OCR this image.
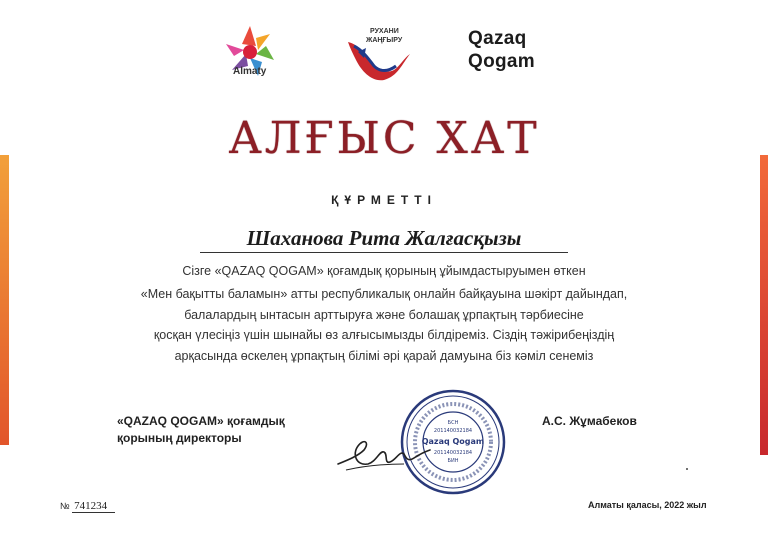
Almaty
РУХАНИ
ЖАҢҒЫРУ	Qazaq
Qogam
АЛҒЫС ХАТ
ҚҰРМЕТТІ
Шаханова Рита Жалғасқызы
Сізге «QAZAQ QOGAM» қоғамдық қорының ұйымдастыруымен өткен
«Мен бақытты баламын» атты республикалық онлайн байқауына шәкірт дайындап,
балалардың ынтасын арттыруға және болашақ ұрпақтың тәрбиесіне
қосқан үлесіңіз үшін шынайы өз алғысымызды білдіреміз. Сіздің тәжірибеңіздің
арқасында өскелең ұрпақтың білімі әрі қарай дамуына біз кәміл сенеміз
«QAZAQ QOGAM» қоғамдық
қорының директоры
А.С. Жұмабеков
БСН
201140032184
Qazaq Qogam
201140032184
БИН
№ 741234	Алматы қаласы, 2022 жыл
